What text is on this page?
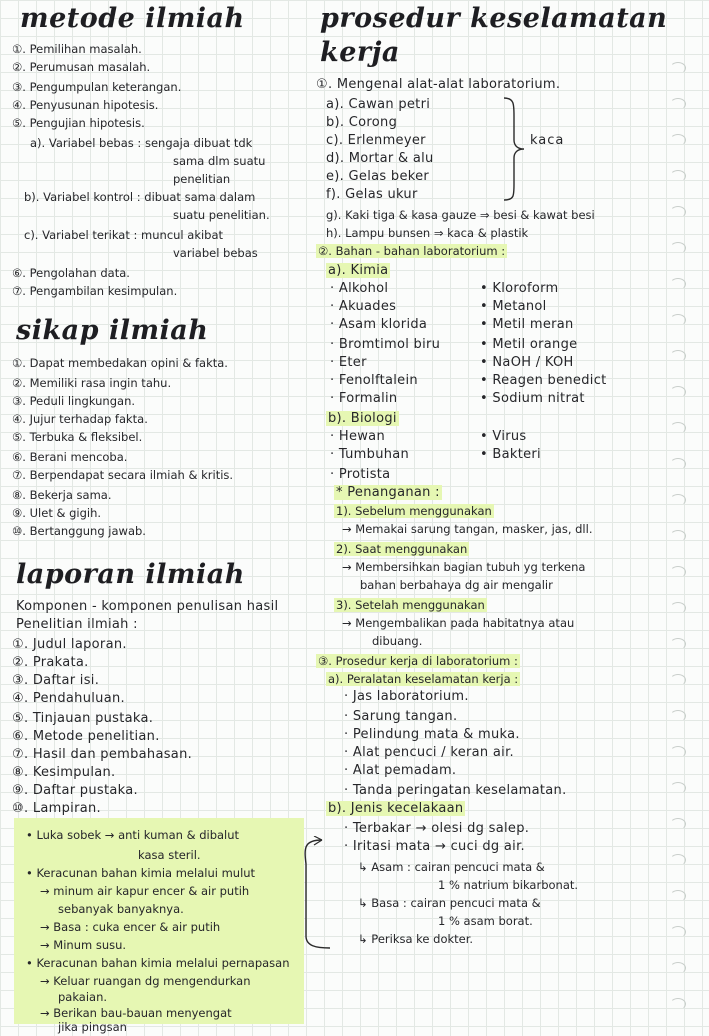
metode ilmiah
①. Pemilihan masalah.
②. Perumusan masalah.
③. Pengumpulan keterangan.
④. Penyusunan hipotesis.
⑤. Pengujian hipotesis.
a). Variabel bebas : sengaja dibuat tdk
sama dlm suatu
penelitian
b). Variabel kontrol : dibuat sama dalam
suatu penelitian.
c). Variabel terikat : muncul akibat
variabel bebas
⑥. Pengolahan data.
⑦. Pengambilan kesimpulan.
sikap ilmiah
①. Dapat membedakan opini & fakta.
②. Memiliki rasa ingin tahu.
③. Peduli lingkungan.
④. Jujur terhadap fakta.
⑤. Terbuka & fleksibel.
⑥. Berani mencoba.
⑦. Berpendapat secara ilmiah & kritis.
⑧. Bekerja sama.
⑨. Ulet & gigih.
⑩. Bertanggung jawab.
laporan ilmiah
Komponen - komponen penulisan hasil
Penelitian ilmiah :
①. Judul laporan.
②. Prakata.
③. Daftar isi.
④. Pendahuluan.
⑤. Tinjauan pustaka.
⑥. Metode penelitian.
⑦. Hasil dan pembahasan.
⑧. Kesimpulan.
⑨. Daftar pustaka.
⑩. Lampiran.
• Luka sobek → anti kuman & dibalut
kasa steril.
• Keracunan bahan kimia melalui mulut
→ minum air kapur encer & air putih
sebanyak banyaknya.
→ Basa : cuka encer & air putih
→ Minum susu.
• Keracunan bahan kimia melalui pernapasan
→ Keluar ruangan dg mengendurkan
pakaian.
→ Berikan bau-bauan menyengat
jika pingsan
prosedur keselamatan
kerja
①. Mengenal alat-alat laboratorium.
a). Cawan petri
b). Corong
c). Erlenmeyer
d). Mortar & alu
e). Gelas beker
f). Gelas ukur
kaca
g). Kaki tiga & kasa gauze ⇒ besi & kawat besi
h). Lampu bunsen ⇒ kaca & plastik
②. Bahan - bahan laboratorium :
a). Kimia
· Alkohol
· Akuades
· Asam klorida
· Bromtimol biru
· Eter
· Fenolftalein
· Formalin
• Kloroform
• Metanol
• Metil meran
• Metil orange
• NaOH / KOH
• Reagen benedict
• Sodium nitrat
b). Biologi
· Hewan
· Tumbuhan
· Protista
• Virus
• Bakteri
* Penanganan :
1). Sebelum menggunakan
→ Memakai sarung tangan, masker, jas, dll.
2). Saat menggunakan
→ Membersihkan bagian tubuh yg terkena
bahan berbahaya dg air mengalir
3). Setelah menggunakan
→ Mengembalikan pada habitatnya atau
dibuang.
③. Prosedur kerja di laboratorium :
a). Peralatan keselamatan kerja :
· Jas laboratorium.
· Sarung tangan.
· Pelindung mata & muka.
· Alat pencuci / keran air.
· Alat pemadam.
· Tanda peringatan keselamatan.
b). Jenis kecelakaan
· Terbakar → olesi dg salep.
· Iritasi mata → cuci dg air.
↳ Asam : cairan pencuci mata &
1 % natrium bikarbonat.
↳ Basa : cairan pencuci mata &
1 % asam borat.
↳ Periksa ke dokter.
